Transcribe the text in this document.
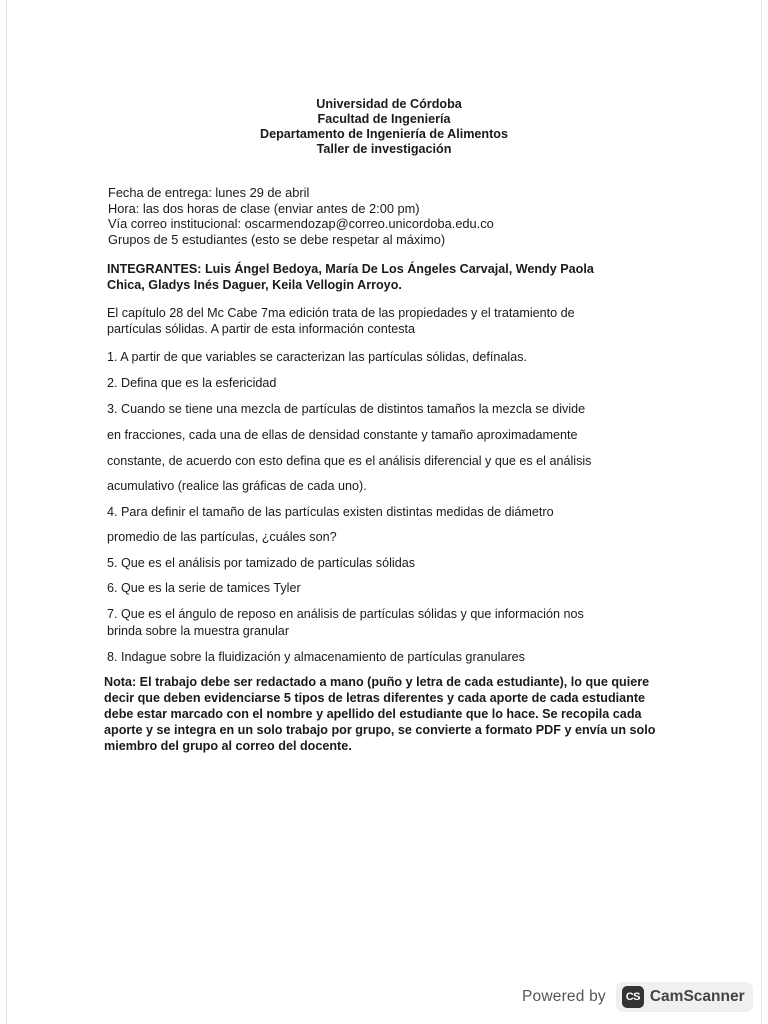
Universidad de Córdoba
Facultad de Ingeniería
Departamento de Ingeniería de Alimentos
Taller de investigación
Fecha de entrega: lunes 29 de abril
Hora: las dos horas de clase (enviar antes de 2:00 pm)
Vía correo institucional: oscarmendozap@correo.unicordoba.edu.co
Grupos de 5 estudiantes (esto se debe respetar al máximo)
INTEGRANTES: Luis Ángel Bedoya, María De Los Ángeles Carvajal, Wendy Paola
Chica, Gladys Inés Daguer, Keila Vellogin Arroyo.
El capítulo 28 del Mc Cabe 7ma edición trata de las propiedades y el tratamiento de
partículas sólidas. A partir de esta información contesta
1. A partir de que variables se caracterizan las partículas sólidas, defínalas.
2. Defina que es la esfericidad
3. Cuando se tiene una mezcla de partículas de distintos tamaños la mezcla se divide
en fracciones, cada una de ellas de densidad constante y tamaño aproximadamente
constante, de acuerdo con esto defina que es el análisis diferencial y que es el análisis
acumulativo (realice las gráficas de cada uno).
4. Para definir el tamaño de las partículas existen distintas medidas de diámetro
promedio de las partículas, ¿cuáles son?
5. Que es el análisis por tamizado de partículas sólidas
6. Que es la serie de tamices Tyler
7. Que es el ángulo de reposo en análisis de partículas sólidas y que información nos
brinda sobre la muestra granular
8. Indague sobre la fluidización y almacenamiento de partículas granulares
Nota: El trabajo debe ser redactado a mano (puño y letra de cada estudiante), lo que quiere
decir que deben evidenciarse 5 tipos de letras diferentes y cada aporte de cada estudiante
debe estar marcado con el nombre y apellido del estudiante que lo hace. Se recopila cada
aporte y se integra en un solo trabajo por grupo, se convierte a formato PDF y envía un solo
miembro del grupo al correo del docente.
Powered by	CS CamScanner
